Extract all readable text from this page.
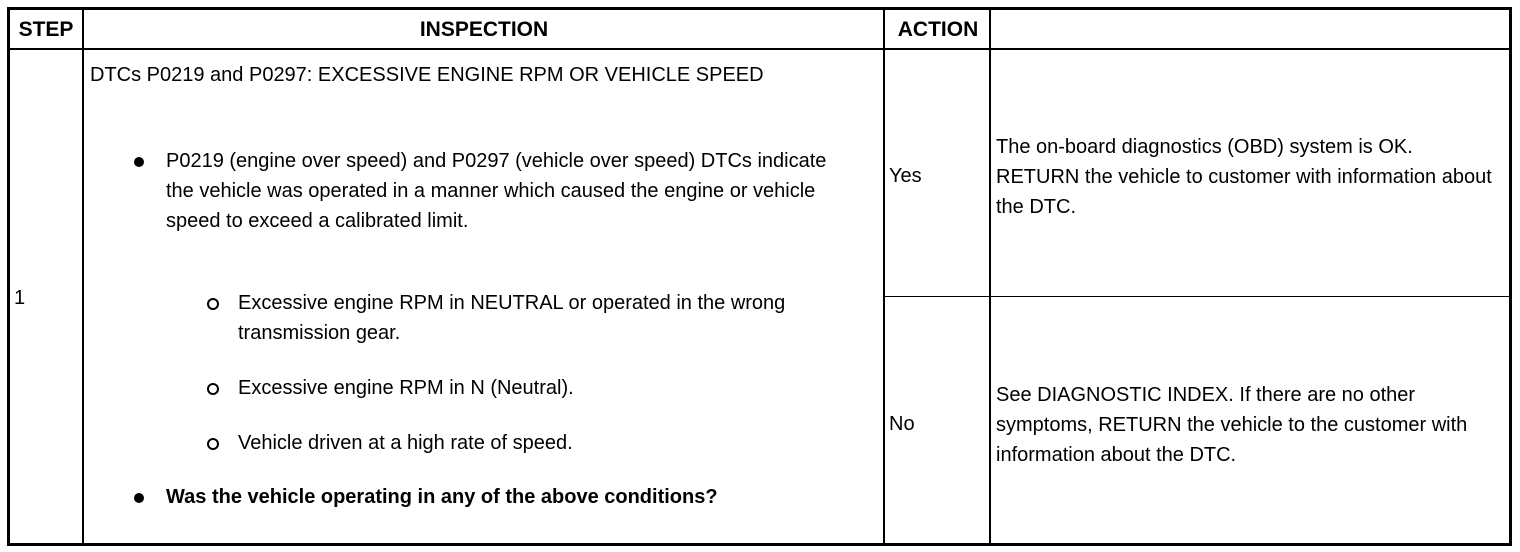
STEP	INSPECTION	ACTION
1
DTCs P0219 and P0297: EXCESSIVE ENGINE RPM OR VEHICLE SPEED
P0219 (engine over speed) and P0297 (vehicle over speed) DTCs indicate the vehicle was operated in a manner which caused the engine or vehicle speed to exceed a calibrated limit.
Excessive engine RPM in NEUTRAL or operated in the wrong transmission gear.
Excessive engine RPM in N (Neutral).
Vehicle driven at a high rate of speed.
Was the vehicle operating in any of the above conditions?
Yes
The on-board diagnostics (OBD) system is OK. RETURN the vehicle to customer with information about the DTC.
No
See DIAGNOSTIC INDEX. If there are no other symptoms, RETURN the vehicle to the customer with information about the DTC.
